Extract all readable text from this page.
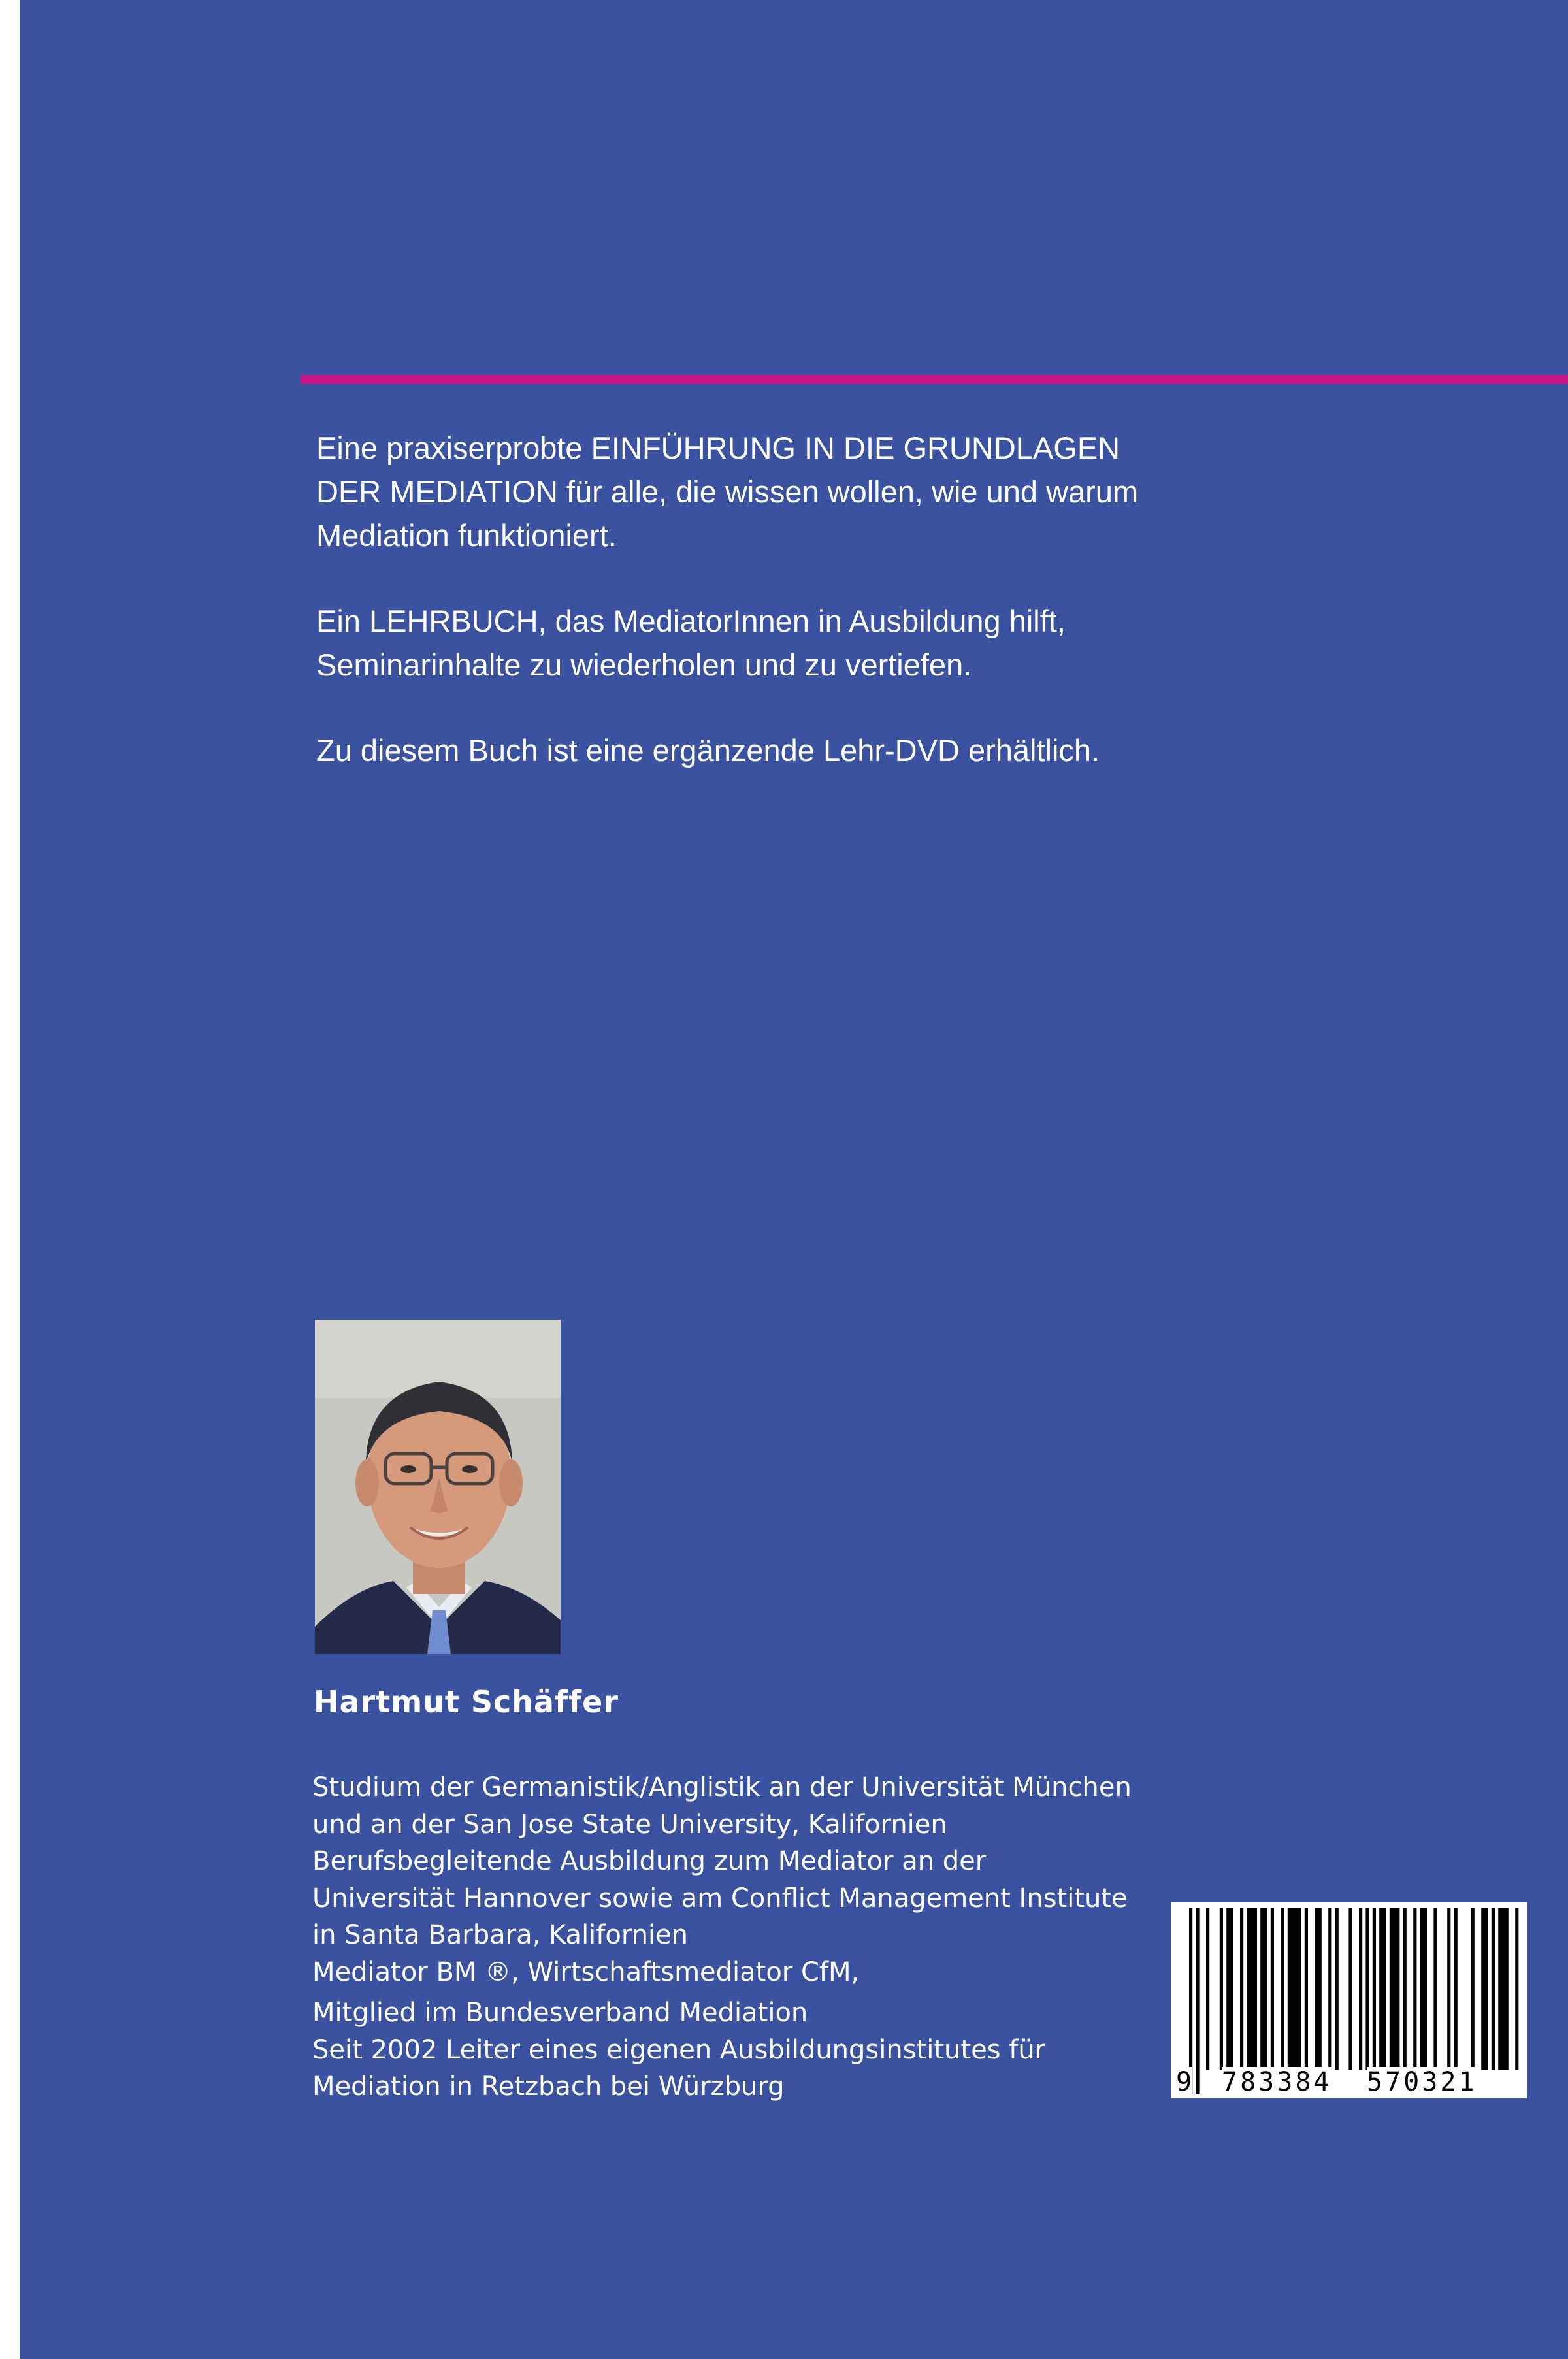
Eine praxiserprobte EINFÜHRUNG IN DIE GRUNDLAGEN
DER MEDIATION für alle, die wissen wollen, wie und warum
Mediation funktioniert.

Ein LEHRBUCH, das MediatorInnen in Ausbildung hilft,
Seminarinhalte zu wiederholen und zu vertiefen.

Zu diesem Buch ist eine ergänzende Lehr-DVD erhältlich.

Hartmut Schäffer
Studium der Germanistik/Anglistik an der Universität München
und an der San Jose State University, Kalifornien
Berufsbegleitende Ausbildung zum Mediator an der
Universität Hannover sowie am Conflict Management Institute
in Santa Barbara, Kalifornien
Mediator BM ®, Wirtschaftsmediator CfM,
Mitglied im Bundesverband Mediation
Seit 2002 Leiter eines eigenen Ausbildungsinstitutes für
Mediation in Retzbach bei Würzburg	9 783384 570321
